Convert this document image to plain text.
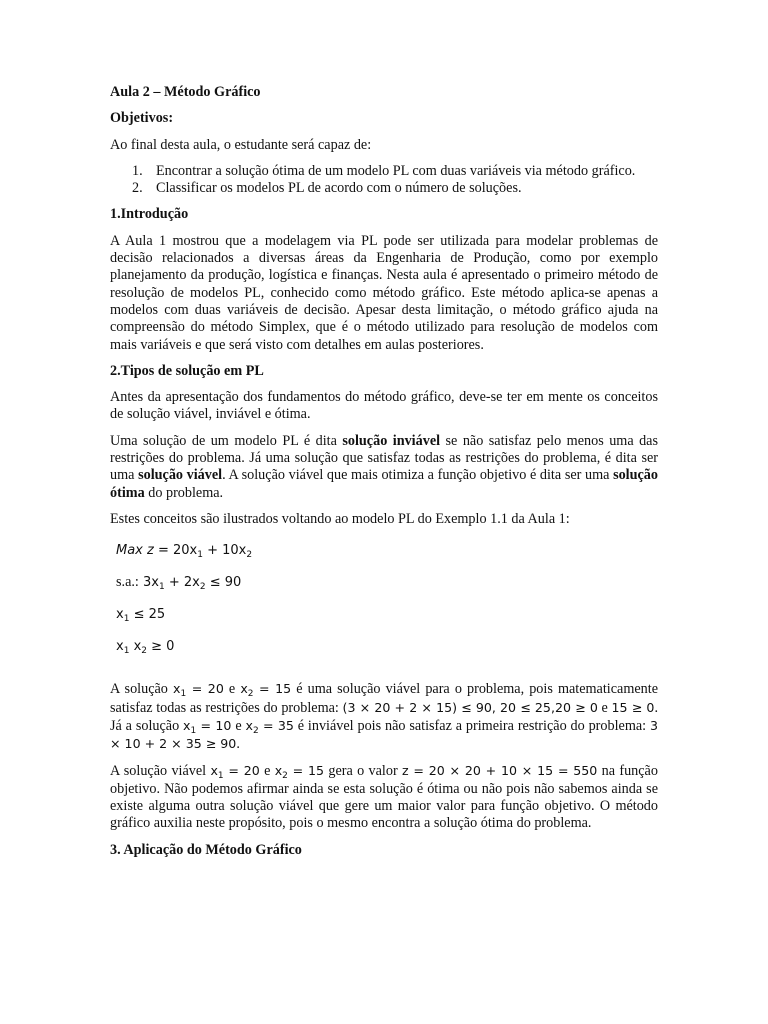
Aula 2 – Método Gráfico

Objetivos:

Ao final desta aula, o estudante será capaz de:

1. Encontrar a solução ótima de um modelo PL com duas variáveis via método gráfico.
2. Classificar os modelos PL de acordo com o número de soluções.

1.Introdução

A Aula 1 mostrou que a modelagem via PL pode ser utilizada para modelar problemas de decisão relacionados a diversas áreas da Engenharia de Produção, como por exemplo planejamento da produção, logística e finanças. Nesta aula é apresentado o primeiro método de resolução de modelos PL, conhecido como método gráfico. Este método aplica-se apenas a modelos com duas variáveis de decisão. Apesar desta limitação, o método gráfico ajuda na compreensão do método Simplex, que é o método utilizado para resolução de modelos com mais variáveis e que será visto com detalhes em aulas posteriores.

2.Tipos de solução em PL

Antes da apresentação dos fundamentos do método gráfico, deve-se ter em mente os conceitos de solução viável, inviável e ótima.

Uma solução de um modelo PL é dita solução inviável se não satisfaz pelo menos uma das restrições do problema. Já uma solução que satisfaz todas as restrições do problema, é dita ser uma solução viável. A solução viável que mais otimiza a função objetivo é dita ser uma solução ótima do problema.

Estes conceitos são ilustrados voltando ao modelo PL do Exemplo 1.1 da Aula 1:

Max $z = 20x_1 + 10x_2$
s.a.: $3x_1 + 2x_2 \le 90$
$x_1 \le 25$
$x_1$ $x_2 \ge 0$

A solução $x_1 = 20$ e $x_2 = 15$ é uma solução viável para o problema, pois matematicamente satisfaz todas as restrições do problema: (3 × 20 + 2 × 15) ≤ 90, 20 ≤ 25,20 ≥ 0 e 15 ≥ 0. Já a solução $x_1 = 10$ e $x_2 = 35$ é inviável pois não satisfaz a primeira restrição do problema: 3 × 10 + 2 × 35 ≥ 90.

A solução viável $x_1 = 20$ e $x_2 = 15$ gera o valor z = 20 × 20 + 10 × 15 = 550 na função objetivo. Não podemos afirmar ainda se esta solução é ótima ou não pois não sabemos ainda se existe alguma outra solução viável que gere um maior valor para função objetivo. O método gráfico auxilia neste propósito, pois o mesmo encontra a solução ótima do problema.

3. Aplicação do Método Gráfico
